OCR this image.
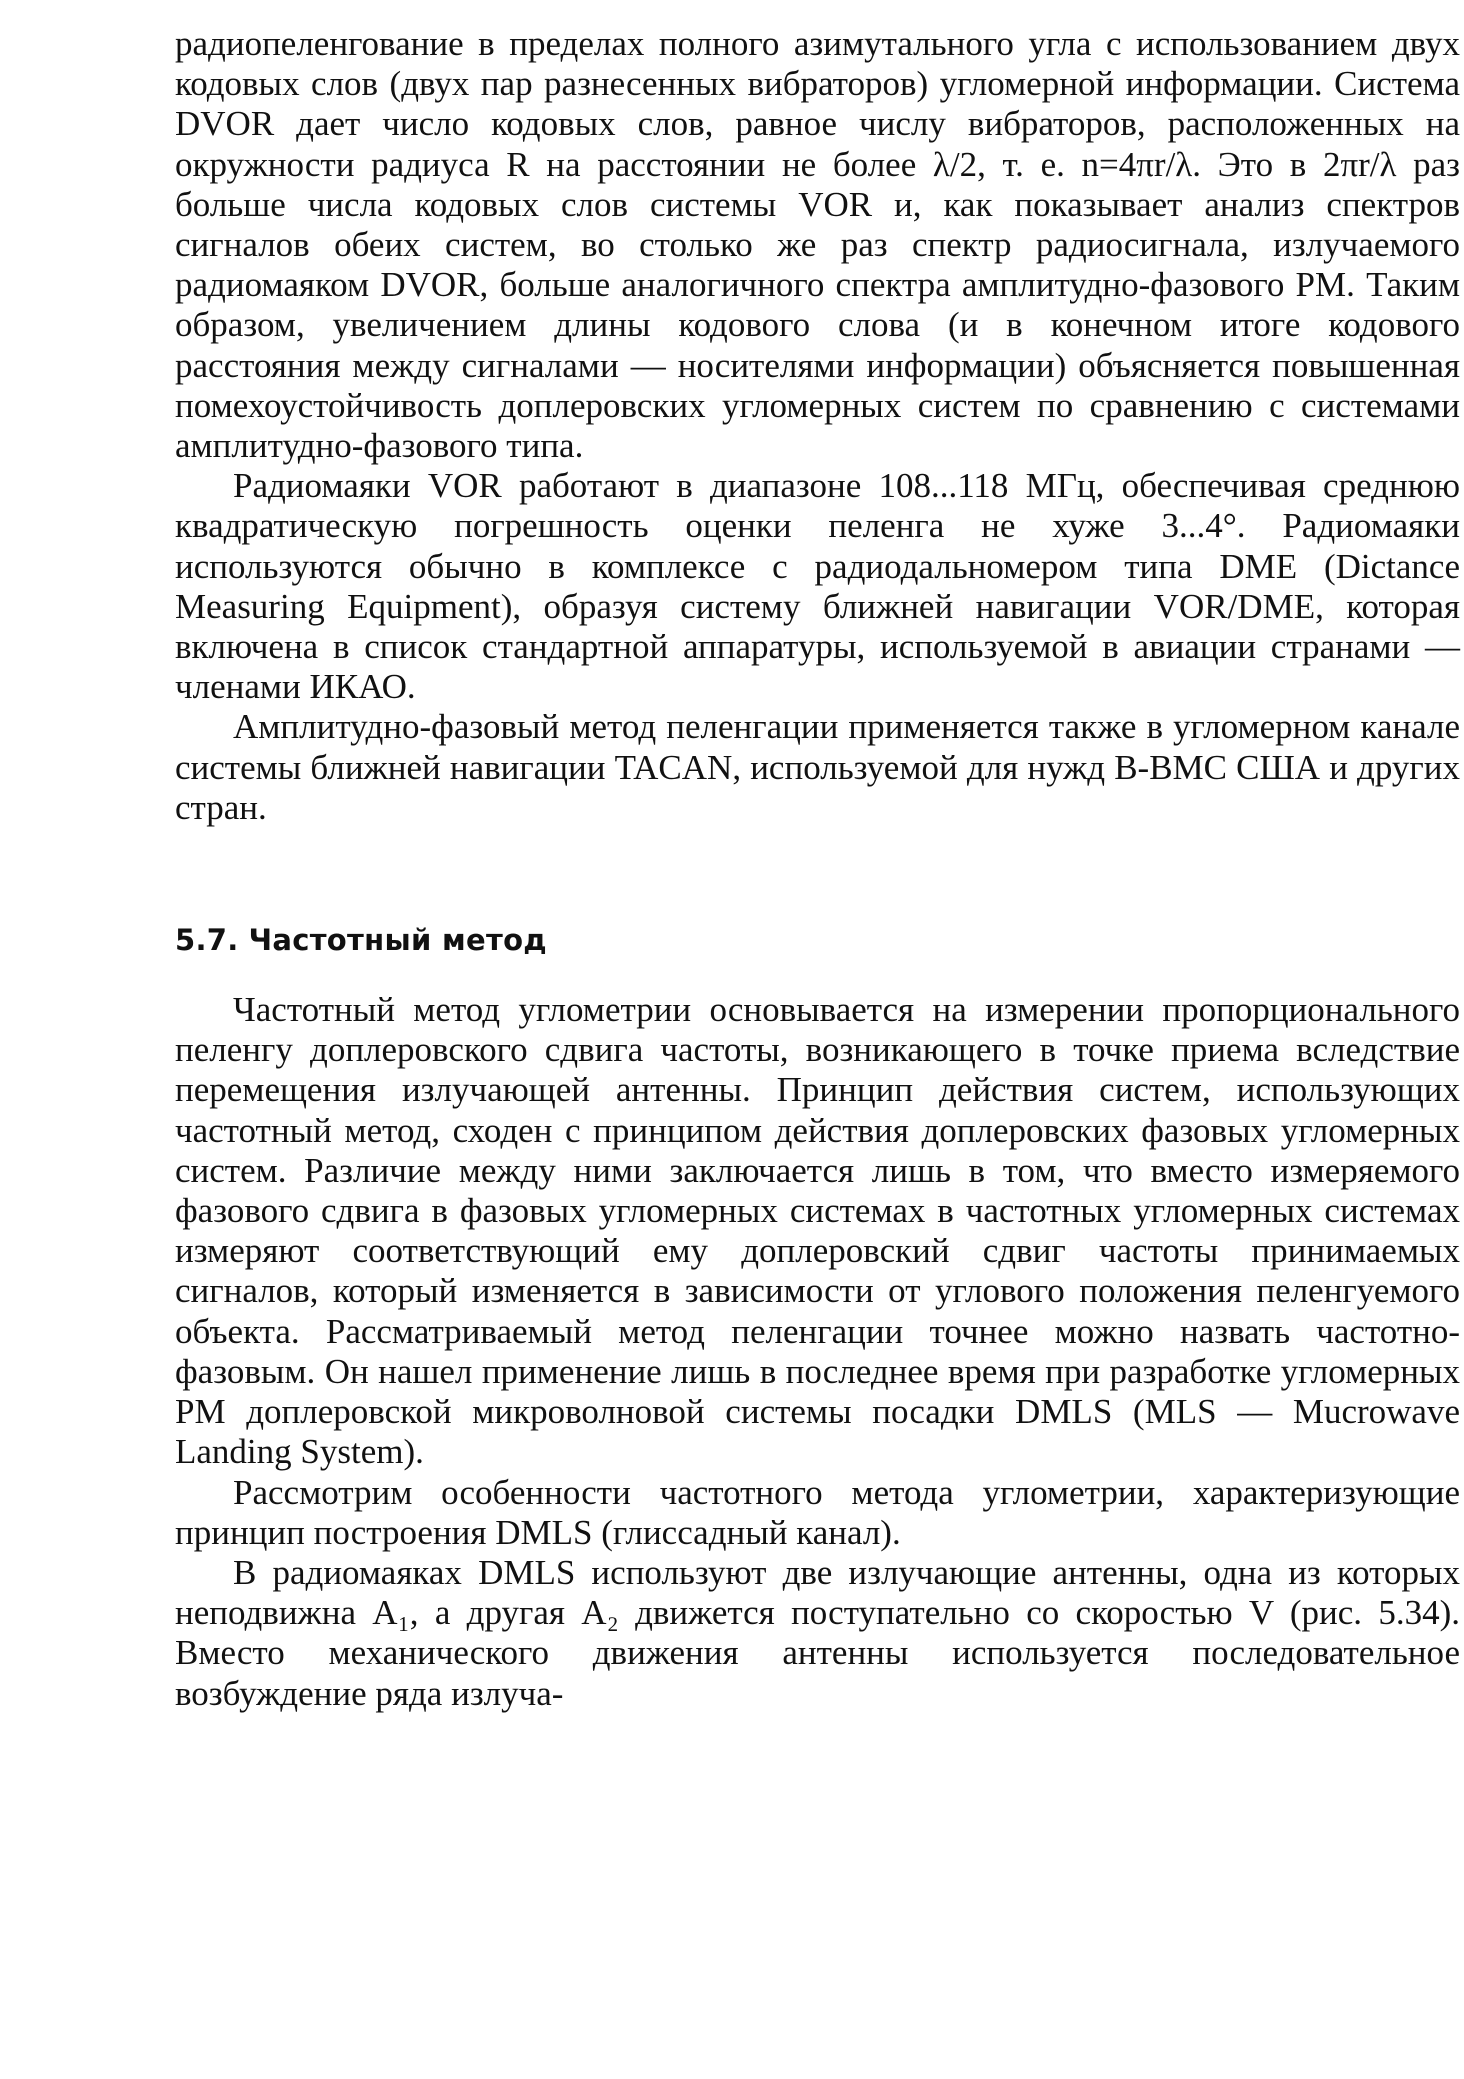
радиопеленгование в пределах полного азимутального угла с использованием двух кодовых слов (двух пар разнесенных вибраторов) угломерной информации. Система DVOR дает число кодовых слов, равное числу вибраторов, расположенных на окружности радиуса R на расстоянии не более λ/2, т. е. n=4πr/λ. Это в 2πr/λ раз больше числа кодовых слов системы VOR и, как показывает анализ спектров сигналов обеих систем, во столько же раз спектр радиосигнала, излучаемого радиомаяком DVOR, больше аналогичного спектра амплитудно-фазового РМ. Таким образом, увеличением длины кодового слова (и в конечном итоге кодового расстояния между сигналами — носителями информации) объясняется повышенная помехоустойчивость доплеровских угломерных систем по сравнению с системами амплитудно-фазового типа.

Радиомаяки VOR работают в диапазоне 108...118 МГц, обеспечивая среднюю квадратическую погрешность оценки пеленга не хуже 3...4°. Радиомаяки используются обычно в комплексе с радиодальномером типа DME (Dictance Measuring Equipment), образуя систему ближней навигации VOR/DME, которая включена в список стандартной аппаратуры, используемой в авиации странами — членами ИКАО.

Амплитудно-фазовый метод пеленгации применяется также в угломерном канале системы ближней навигации TACAN, используемой для нужд В-ВМС США и других стран.

5.7. Частотный метод

Частотный метод углометрии основывается на измерении пропорционального пеленгу доплеровского сдвига частоты, возникающего в точке приема вследствие перемещения излучающей антенны. Принцип действия систем, использующих частотный метод, сходен с принципом действия доплеровских фазовых угломерных систем. Различие между ними заключается лишь в том, что вместо измеряемого фазового сдвига в фазовых угломерных системах в частотных угломерных системах измеряют соответствующий ему доплеровский сдвиг частоты принимаемых сигналов, который изменяется в зависимости от углового положения пеленгуемого объекта. Рассматриваемый метод пеленгации точнее можно назвать частотно-фазовым. Он нашел применение лишь в последнее время при разработке угломерных РМ доплеровской микроволновой системы посадки DMLS (MLS — Mucrowave Landing System).

Рассмотрим особенности частотного метода углометрии, характеризующие принцип построения DMLS (глиссадный канал).

В радиомаяках DMLS используют две излучающие антенны, одна из которых неподвижна A₁, а другая A₂ движется поступательно со скоростью V (рис. 5.34). Вместо механического движения антенны используется последовательное возбуждение ряда излуча-
